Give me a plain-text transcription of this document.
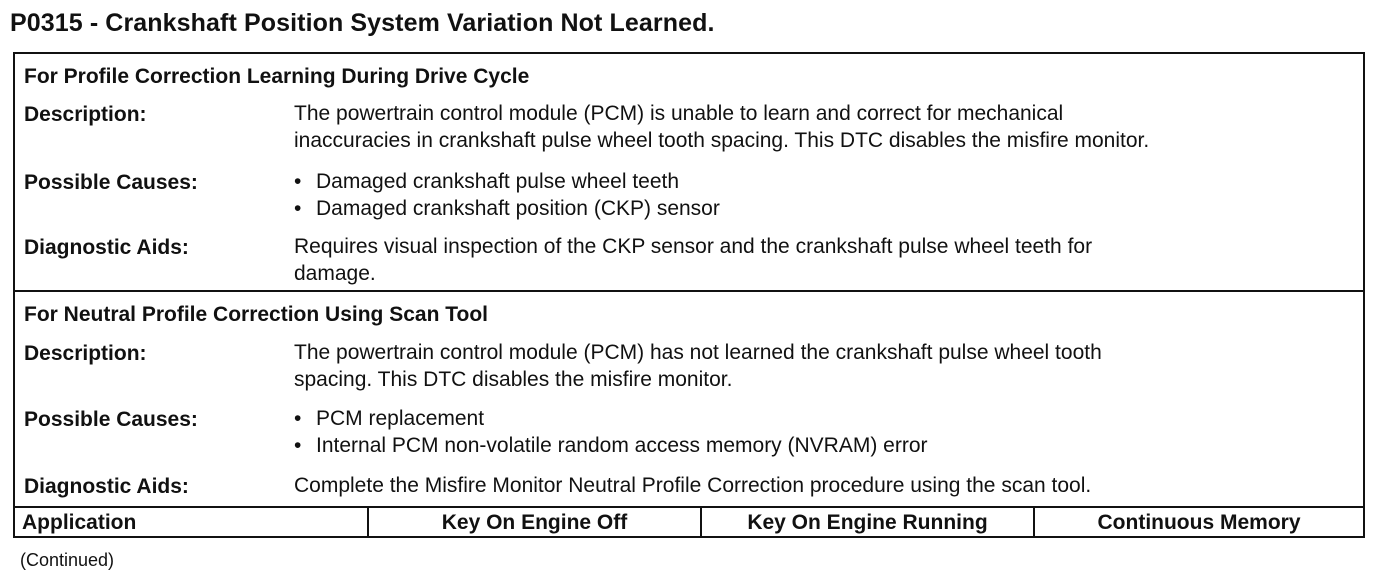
P0315 - Crankshaft Position System Variation Not Learned.
For Profile Correction Learning During Drive Cycle
Description:	The powertrain control module (PCM) is unable to learn and correct for mechanical
inaccuracies in crankshaft pulse wheel tooth spacing. This DTC disables the misfire monitor.
Possible Causes:	• Damaged crankshaft pulse wheel teeth
• Damaged crankshaft position (CKP) sensor
Diagnostic Aids:	Requires visual inspection of the CKP sensor and the crankshaft pulse wheel teeth for
damage.
For Neutral Profile Correction Using Scan Tool
Description:	The powertrain control module (PCM) has not learned the crankshaft pulse wheel tooth
spacing. This DTC disables the misfire monitor.
Possible Causes:	• PCM replacement
• Internal PCM non-volatile random access memory (NVRAM) error
Diagnostic Aids:	Complete the Misfire Monitor Neutral Profile Correction procedure using the scan tool.
Application	Key On Engine Off	Key On Engine Running	Continuous Memory
(Continued)
